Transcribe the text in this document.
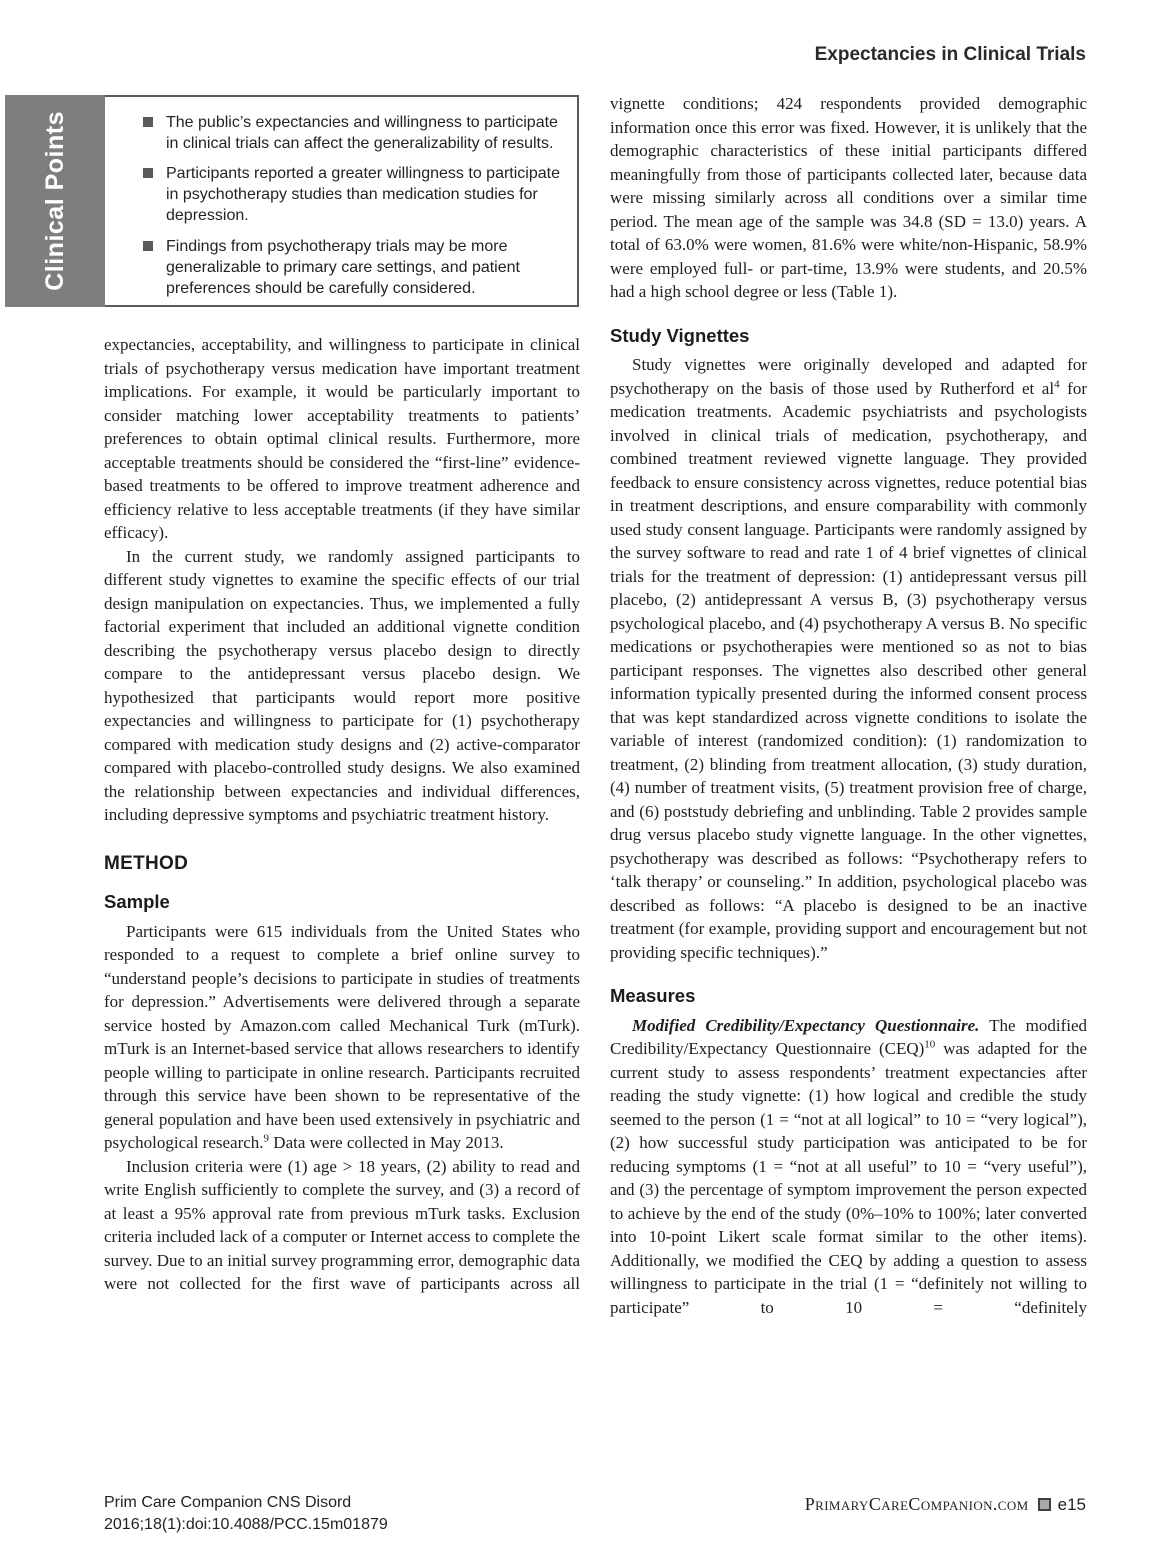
Expectancies in Clinical Trials
Clinical Points	The public’s expectancies and willingness to participate in clinical trials can affect the generalizability of results.
Participants reported a greater willingness to participate in psychotherapy studies than medication studies for depression.
Findings from psychotherapy trials may be more generalizable to primary care settings, and patient preferences should be carefully considered.

expectancies, acceptability, and willingness to participate in clinical trials of psychotherapy versus medication have important treatment implications. For example, it would be particularly important to consider matching lower acceptability treatments to patients’ preferences to obtain optimal clinical results. Furthermore, more acceptable treatments should be considered the “first-line” evidence-based treatments to be offered to improve treatment adherence and efficiency relative to less acceptable treatments (if they have similar efficacy).

In the current study, we randomly assigned participants to different study vignettes to examine the specific effects of our trial design manipulation on expectancies. Thus, we implemented a fully factorial experiment that included an additional vignette condition describing the psychotherapy versus placebo design to directly compare to the antidepressant versus placebo design. We hypothesized that participants would report more positive expectancies and willingness to participate for (1) psychotherapy compared with medication study designs and (2) active-comparator compared with placebo-controlled study designs. We also examined the relationship between expectancies and individual differences, including depressive symptoms and psychiatric treatment history.

METHOD
Sample

Participants were 615 individuals from the United States who responded to a request to complete a brief online survey to “understand people’s decisions to participate in studies of treatments for depression.” Advertisements were delivered through a separate service hosted by Amazon.com called Mechanical Turk (mTurk). mTurk is an Internet-based service that allows researchers to identify people willing to participate in online research. Participants recruited through this service have been shown to be representative of the general population and have been used extensively in psychiatric and psychological research.$^9$ Data were collected in May 2013.

Inclusion criteria were (1) age > 18 years, (2) ability to read and write English sufficiently to complete the survey, and (3) a record of at least a 95% approval rate from previous mTurk tasks. Exclusion criteria included lack of a computer or Internet access to complete the survey. Due to an initial survey programming error, demographic data were not collected for the first wave of participants across all

vignette conditions; 424 respondents provided demographic information once this error was fixed. However, it is unlikely that the demographic characteristics of these initial participants differed meaningfully from those of participants collected later, because data were missing similarly across all conditions over a similar time period. The mean age of the sample was 34.8 (SD = 13.0) years. A total of 63.0% were women, 81.6% were white/non-Hispanic, 58.9% were employed full- or part-time, 13.9% were students, and 20.5% had a high school degree or less (Table 1).

Study Vignettes

Study vignettes were originally developed and adapted for psychotherapy on the basis of those used by Rutherford et $al^4$ for medication treatments. Academic psychiatrists and psychologists involved in clinical trials of medication, psychotherapy, and combined treatment reviewed vignette language. They provided feedback to ensure consistency across vignettes, reduce potential bias in treatment descriptions, and ensure comparability with commonly used study consent language. Participants were randomly assigned by the survey software to read and rate 1 of 4 brief vignettes of clinical trials for the treatment of depression: (1) antidepressant versus pill placebo, (2) antidepressant A versus B, (3) psychotherapy versus psychological placebo, and (4) psychotherapy A versus B. No specific medications or psychotherapies were mentioned so as not to bias participant responses. The vignettes also described other general information typically presented during the informed consent process that was kept standardized across vignette conditions to isolate the variable of interest (randomized condition): (1) randomization to treatment, (2) blinding from treatment allocation, (3) study duration, (4) number of treatment visits, (5) treatment provision free of charge, and (6) poststudy debriefing and unblinding. Table 2 provides sample drug versus placebo study vignette language. In the other vignettes, psychotherapy was described as follows: “Psychotherapy refers to ‘talk therapy’ or counseling.” In addition, psychological placebo was described as follows: “A placebo is designed to be an inactive treatment (for example, providing support and encouragement but not providing specific techniques).”

Measures

Modified Credibility/Expectancy Questionnaire. The modified Credibility/Expectancy Questionnaire (CEQ)$^{10}$ was adapted for the current study to assess respondents’ treatment expectancies after reading the study vignette: (1) how logical and credible the study seemed to the person (1 = “not at all logical” to 10 = “very logical”), (2) how successful study participation was anticipated to be for reducing symptoms (1 = “not at all useful” to 10 = “very useful”), and (3) the percentage of symptom improvement the person expected to achieve by the end of the study (0%–10% to 100%; later converted into 10-point Likert scale format similar to the other items). Additionally, we modified the CEQ by adding a question to assess willingness to participate in the trial (1 = “definitely not willing to participate” to 10 = “definitely

Prim Care Companion CNS Disord
2016;18(1):doi:10.4088/PCC.15m01879
PrimaryCareCompanion.com e15
